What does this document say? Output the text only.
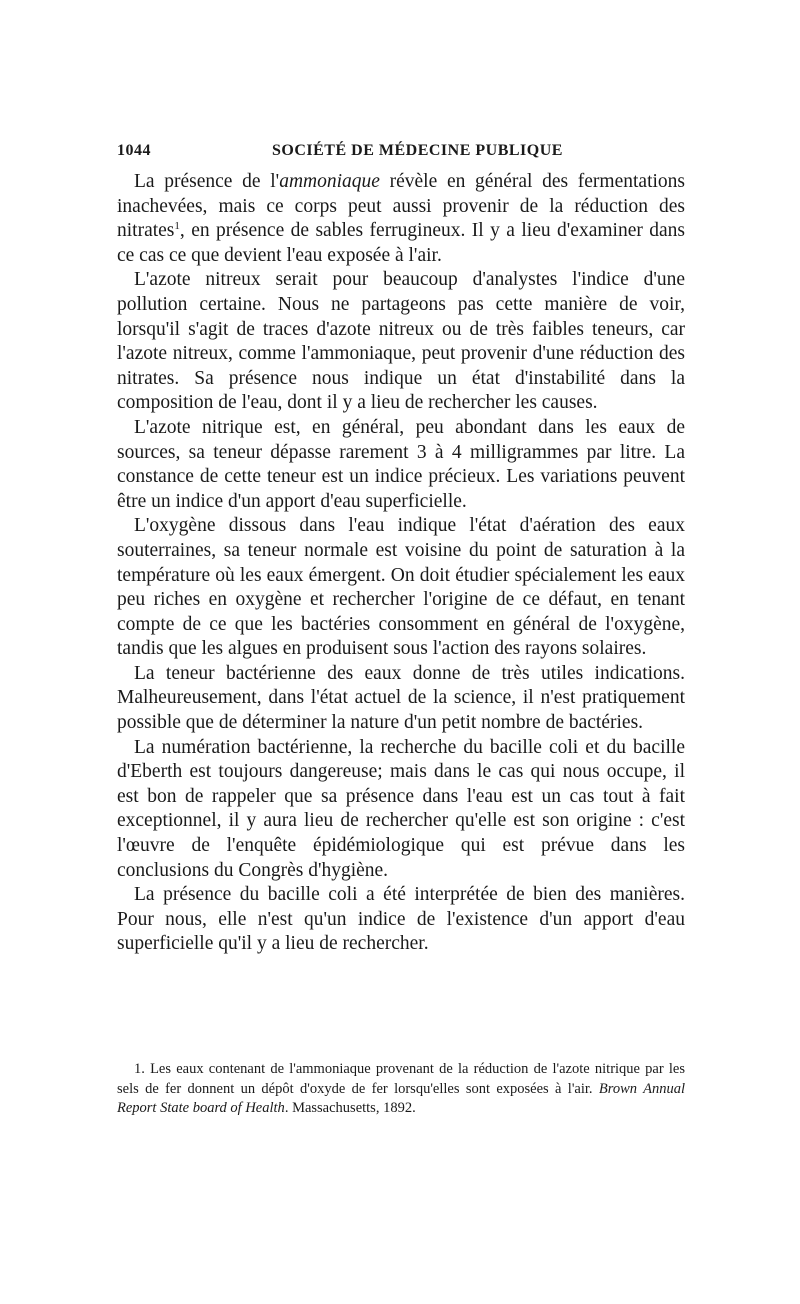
1044	SOCIÉTÉ DE MÉDECINE PUBLIQUE

La présence de l'ammoniaque révèle en général des fermentations inachevées, mais ce corps peut aussi provenir de la réduction des nitrates$^1$, en présence de sables ferrugineux. Il y a lieu d'examiner dans ce cas ce que devient l'eau exposée à l'air.

L'azote nitreux serait pour beaucoup d'analystes l'indice d'une pollution certaine. Nous ne partageons pas cette manière de voir, lorsqu'il s'agit de traces d'azote nitreux ou de très faibles teneurs, car l'azote nitreux, comme l'ammoniaque, peut provenir d'une réduction des nitrates. Sa présence nous indique un état d'instabilité dans la composition de l'eau, dont il y a lieu de rechercher les causes.

L'azote nitrique est, en général, peu abondant dans les eaux de sources, sa teneur dépasse rarement 3 à 4 milligrammes par litre. La constance de cette teneur est un indice précieux. Les variations peuvent être un indice d'un apport d'eau superficielle.

L'oxygène dissous dans l'eau indique l'état d'aération des eaux souterraines, sa teneur normale est voisine du point de saturation à la température où les eaux émergent. On doit étudier spécialement les eaux peu riches en oxygène et rechercher l'origine de ce défaut, en tenant compte de ce que les bactéries consomment en général de l'oxygène, tandis que les algues en produisent sous l'action des rayons solaires.

La teneur bactérienne des eaux donne de très utiles indications. Malheureusement, dans l'état actuel de la science, il n'est pratiquement possible que de déterminer la nature d'un petit nombre de bactéries.

La numération bactérienne, la recherche du bacille coli et du bacille d'Eberth est toujours dangereuse; mais dans le cas qui nous occupe, il est bon de rappeler que sa présence dans l'eau est un cas tout à fait exceptionnel, il y aura lieu de rechercher qu'elle est son origine : c'est l'œuvre de l'enquête épidémiologique qui est prévue dans les conclusions du Congrès d'hygiène.

La présence du bacille coli a été interprétée de bien des manières. Pour nous, elle n'est qu'un indice de l'existence d'un apport d'eau superficielle qu'il y a lieu de rechercher.

1. Les eaux contenant de l'ammoniaque provenant de la réduction de l'azote nitrique par les sels de fer donnent un dépôt d'oxyde de fer lorsqu'elles sont exposées à l'air. Brown Annual Report State board of Health. Massachusetts, 1892.
